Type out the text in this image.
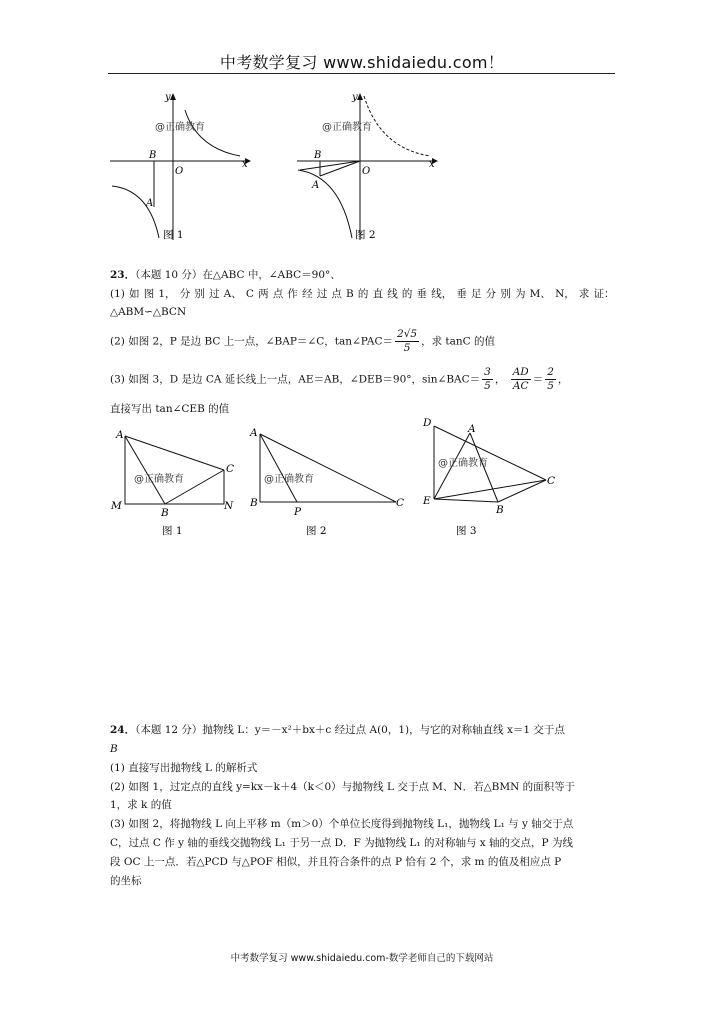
中考数学复习 www.shidaiedu.com！
y
x
O
B
A
@正确教育
图 1
y
x
O
B
A
@正确教育
图 2
23．（本题 10 分）在△ABC 中，∠ABC＝90°、
(1) 如 图 1， 分 别 过 A、 C 两 点 作 经 过 点 B 的 直 线 的 垂 线， 垂 足 分 别 为 M、 N， 求 证：
△ABM∽△BCN
(2) 如图 2，P 是边 BC 上一点，∠BAP＝∠C，tan∠PAC＝ $\frac{2√5}{5}$ ，求 tanC 的值
(3) 如图 3，D 是边 CA 延长线上一点，AE＝AB，∠DEB＝90°，sin∠BAC＝ $\frac{3}{5}$ ， $\frac{AD}{AC} = \frac{2}{5}$ ，
直接写出 tan∠CEB 的值
A
C
M
B
N
@正确教育
图 1
A
B
P
C
@正确教育
图 2
D	A
C
E
B
@正确教育
图 3
24．（本题 12 分）抛物线 L：y＝－x²＋bx＋c 经过点 A(0，1)，与它的对称轴直线 x＝1 交于点
B
(1) 直接写出抛物线 L 的解析式
(2) 如图 1，过定点的直线 y=kx－k＋4（k＜0）与抛物线 L 交于点 M、N．若△BMN 的面积等于
1，求 k 的值
(3) 如图 2，将抛物线 L 向上平移 m（m＞0）个单位长度得到抛物线 L₁，抛物线 L₁ 与 y 轴交于点
C，过点 C 作 y 轴的垂线交抛物线 L₁ 于另一点 D．F 为抛物线 L₁ 的对称轴与 x 轴的交点，P 为线
段 OC 上一点．若△PCD 与△POF 相似，并且符合条件的点 P 恰有 2 个，求 m 的值及相应点 P
的坐标
中考数学复习 www.shidaiedu.com-数学老师自己的下载网站
